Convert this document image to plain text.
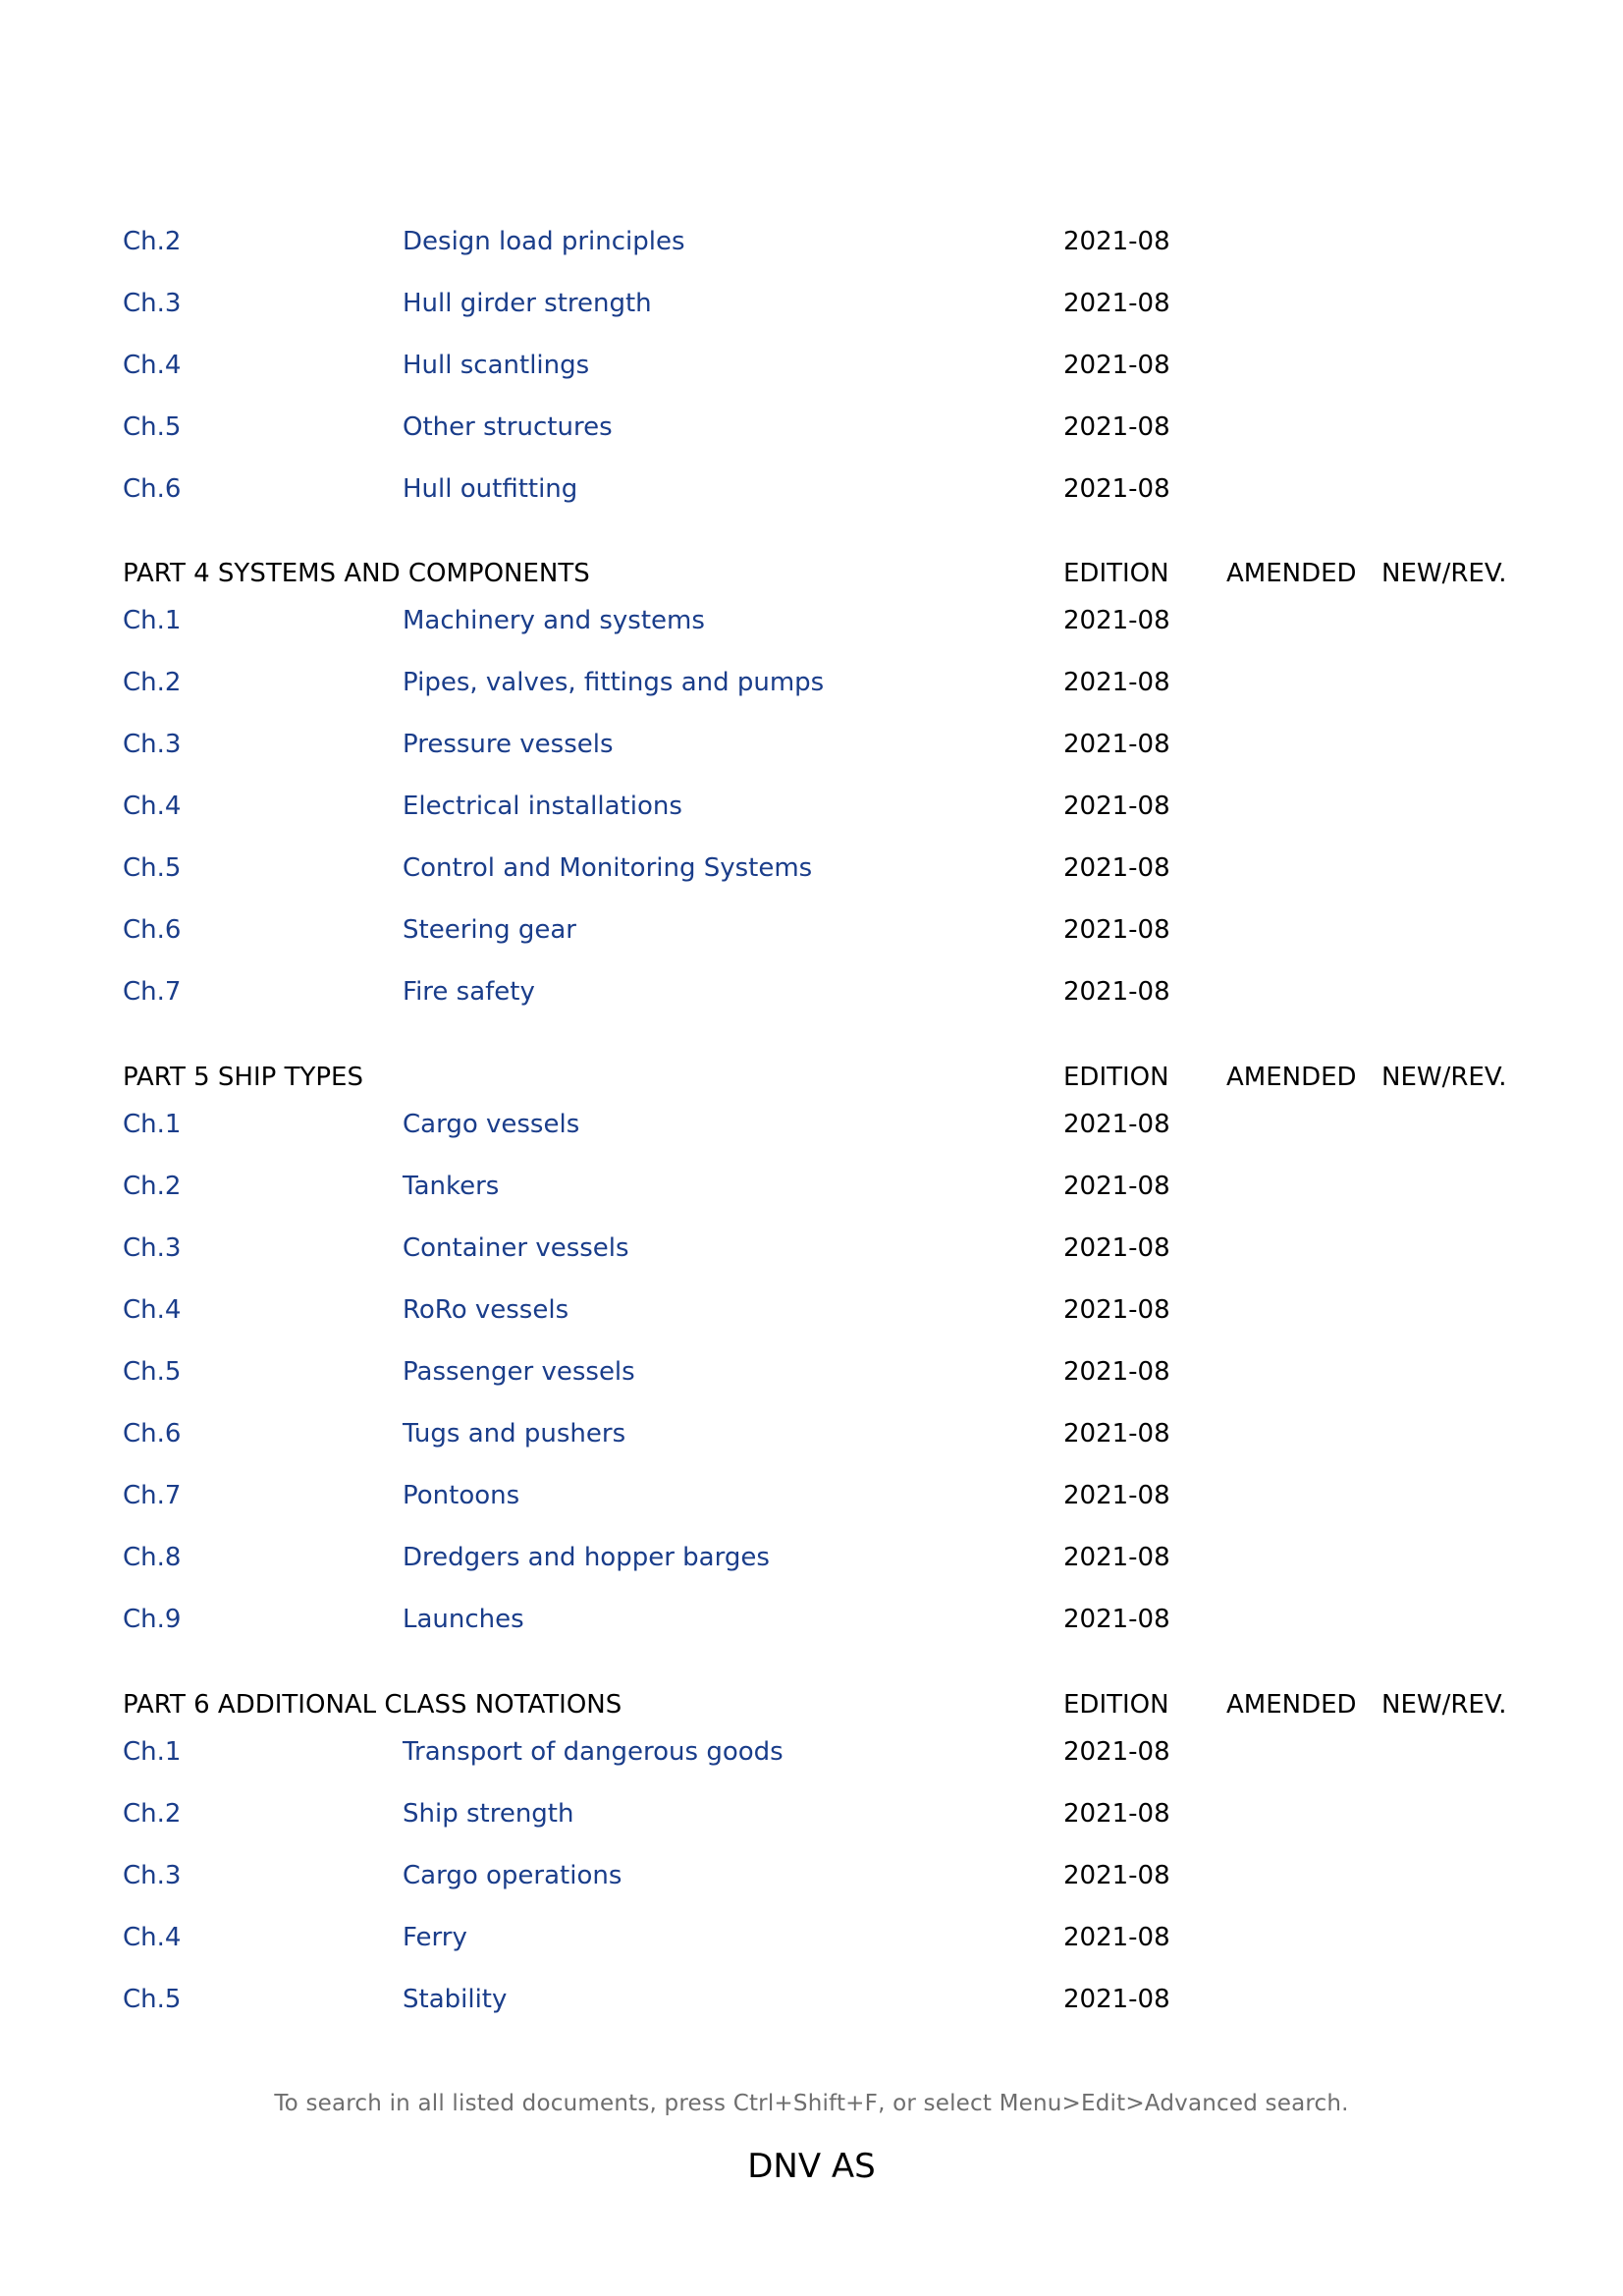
Ch.2	Design load principles	2021-08
Ch.3	Hull girder strength	2021-08
Ch.4	Hull scantlings	2021-08
Ch.5	Other structures	2021-08
Ch.6	Hull outfitting	2021-08
PART 4 SYSTEMS AND COMPONENTS	EDITION AMENDED NEW/REV.
Ch.1	Machinery and systems	2021-08
Ch.2	Pipes, valves, fittings and pumps	2021-08
Ch.3	Pressure vessels	2021-08
Ch.4	Electrical installations	2021-08
Ch.5	Control and Monitoring Systems	2021-08
Ch.6	Steering gear	2021-08
Ch.7	Fire safety	2021-08
PART 5 SHIP TYPES	EDITION AMENDED NEW/REV.
Ch.1	Cargo vessels	2021-08
Ch.2	Tankers	2021-08
Ch.3	Container vessels	2021-08
Ch.4	RoRo vessels	2021-08
Ch.5	Passenger vessels	2021-08
Ch.6	Tugs and pushers	2021-08
Ch.7	Pontoons	2021-08
Ch.8	Dredgers and hopper barges	2021-08
Ch.9	Launches	2021-08
PART 6 ADDITIONAL CLASS NOTATIONS	EDITION AMENDED NEW/REV.
Ch.1	Transport of dangerous goods	2021-08
Ch.2	Ship strength	2021-08
Ch.3	Cargo operations	2021-08
Ch.4	Ferry	2021-08
Ch.5	Stability	2021-08
To search in all listed documents, press Ctrl+Shift+F, or select Menu>Edit>Advanced search.
DNV AS
